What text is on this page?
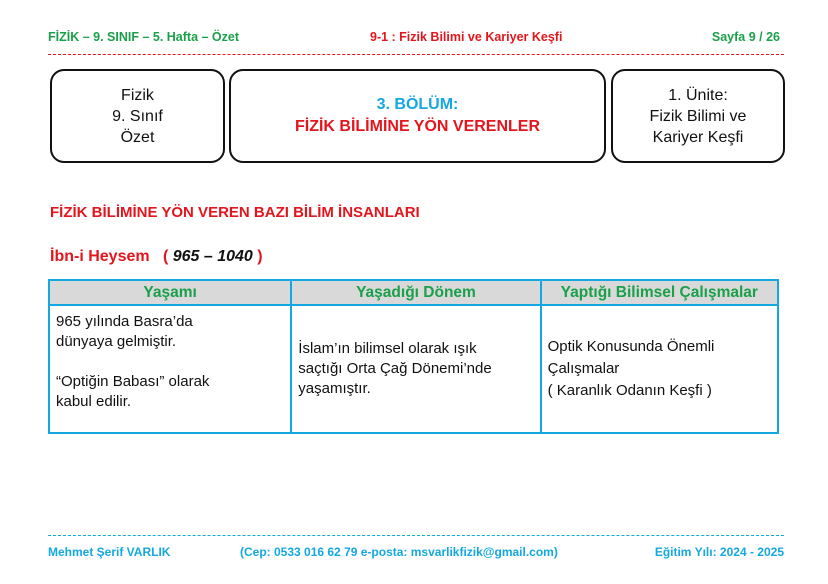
FİZİK – 9. SINIF – 5. Hafta – Özet	9-1 : Fizik Bilimi ve Kariyer Keşfi	Sayfa 9 / 26
Fizik
9. Sınıf
Özet
3. BÖLÜM:
FİZİK BİLİMİNE YÖN VERENLER
1. Ünite:
Fizik Bilimi ve
Kariyer Keşfi
FİZİK BİLİMİNE YÖN VEREN BAZI BİLİM İNSANLARI
İbn-i Heysem ( 965 – 1040 )
Yaşamı	Yaşadığı Dönem	Yaptığı Bilimsel Çalışmalar

965 yılında Basra’da
dünyaya gelmiştir.
“Optiğin Babası” olarak
kabul edilir.

İslam’ın bilimsel olarak ışık
saçtığı Orta Çağ Dönemi’nde
yaşamıştır.

Optik Konusunda Önemli
Çalışmalar
( Karanlık Odanın Keşfi )
Mehmet Şerif VARLIK	(Cep: 0533 016 62 79 e-posta: msvarlikfizik@gmail.com)	Eğitim Yılı: 2024 - 2025
